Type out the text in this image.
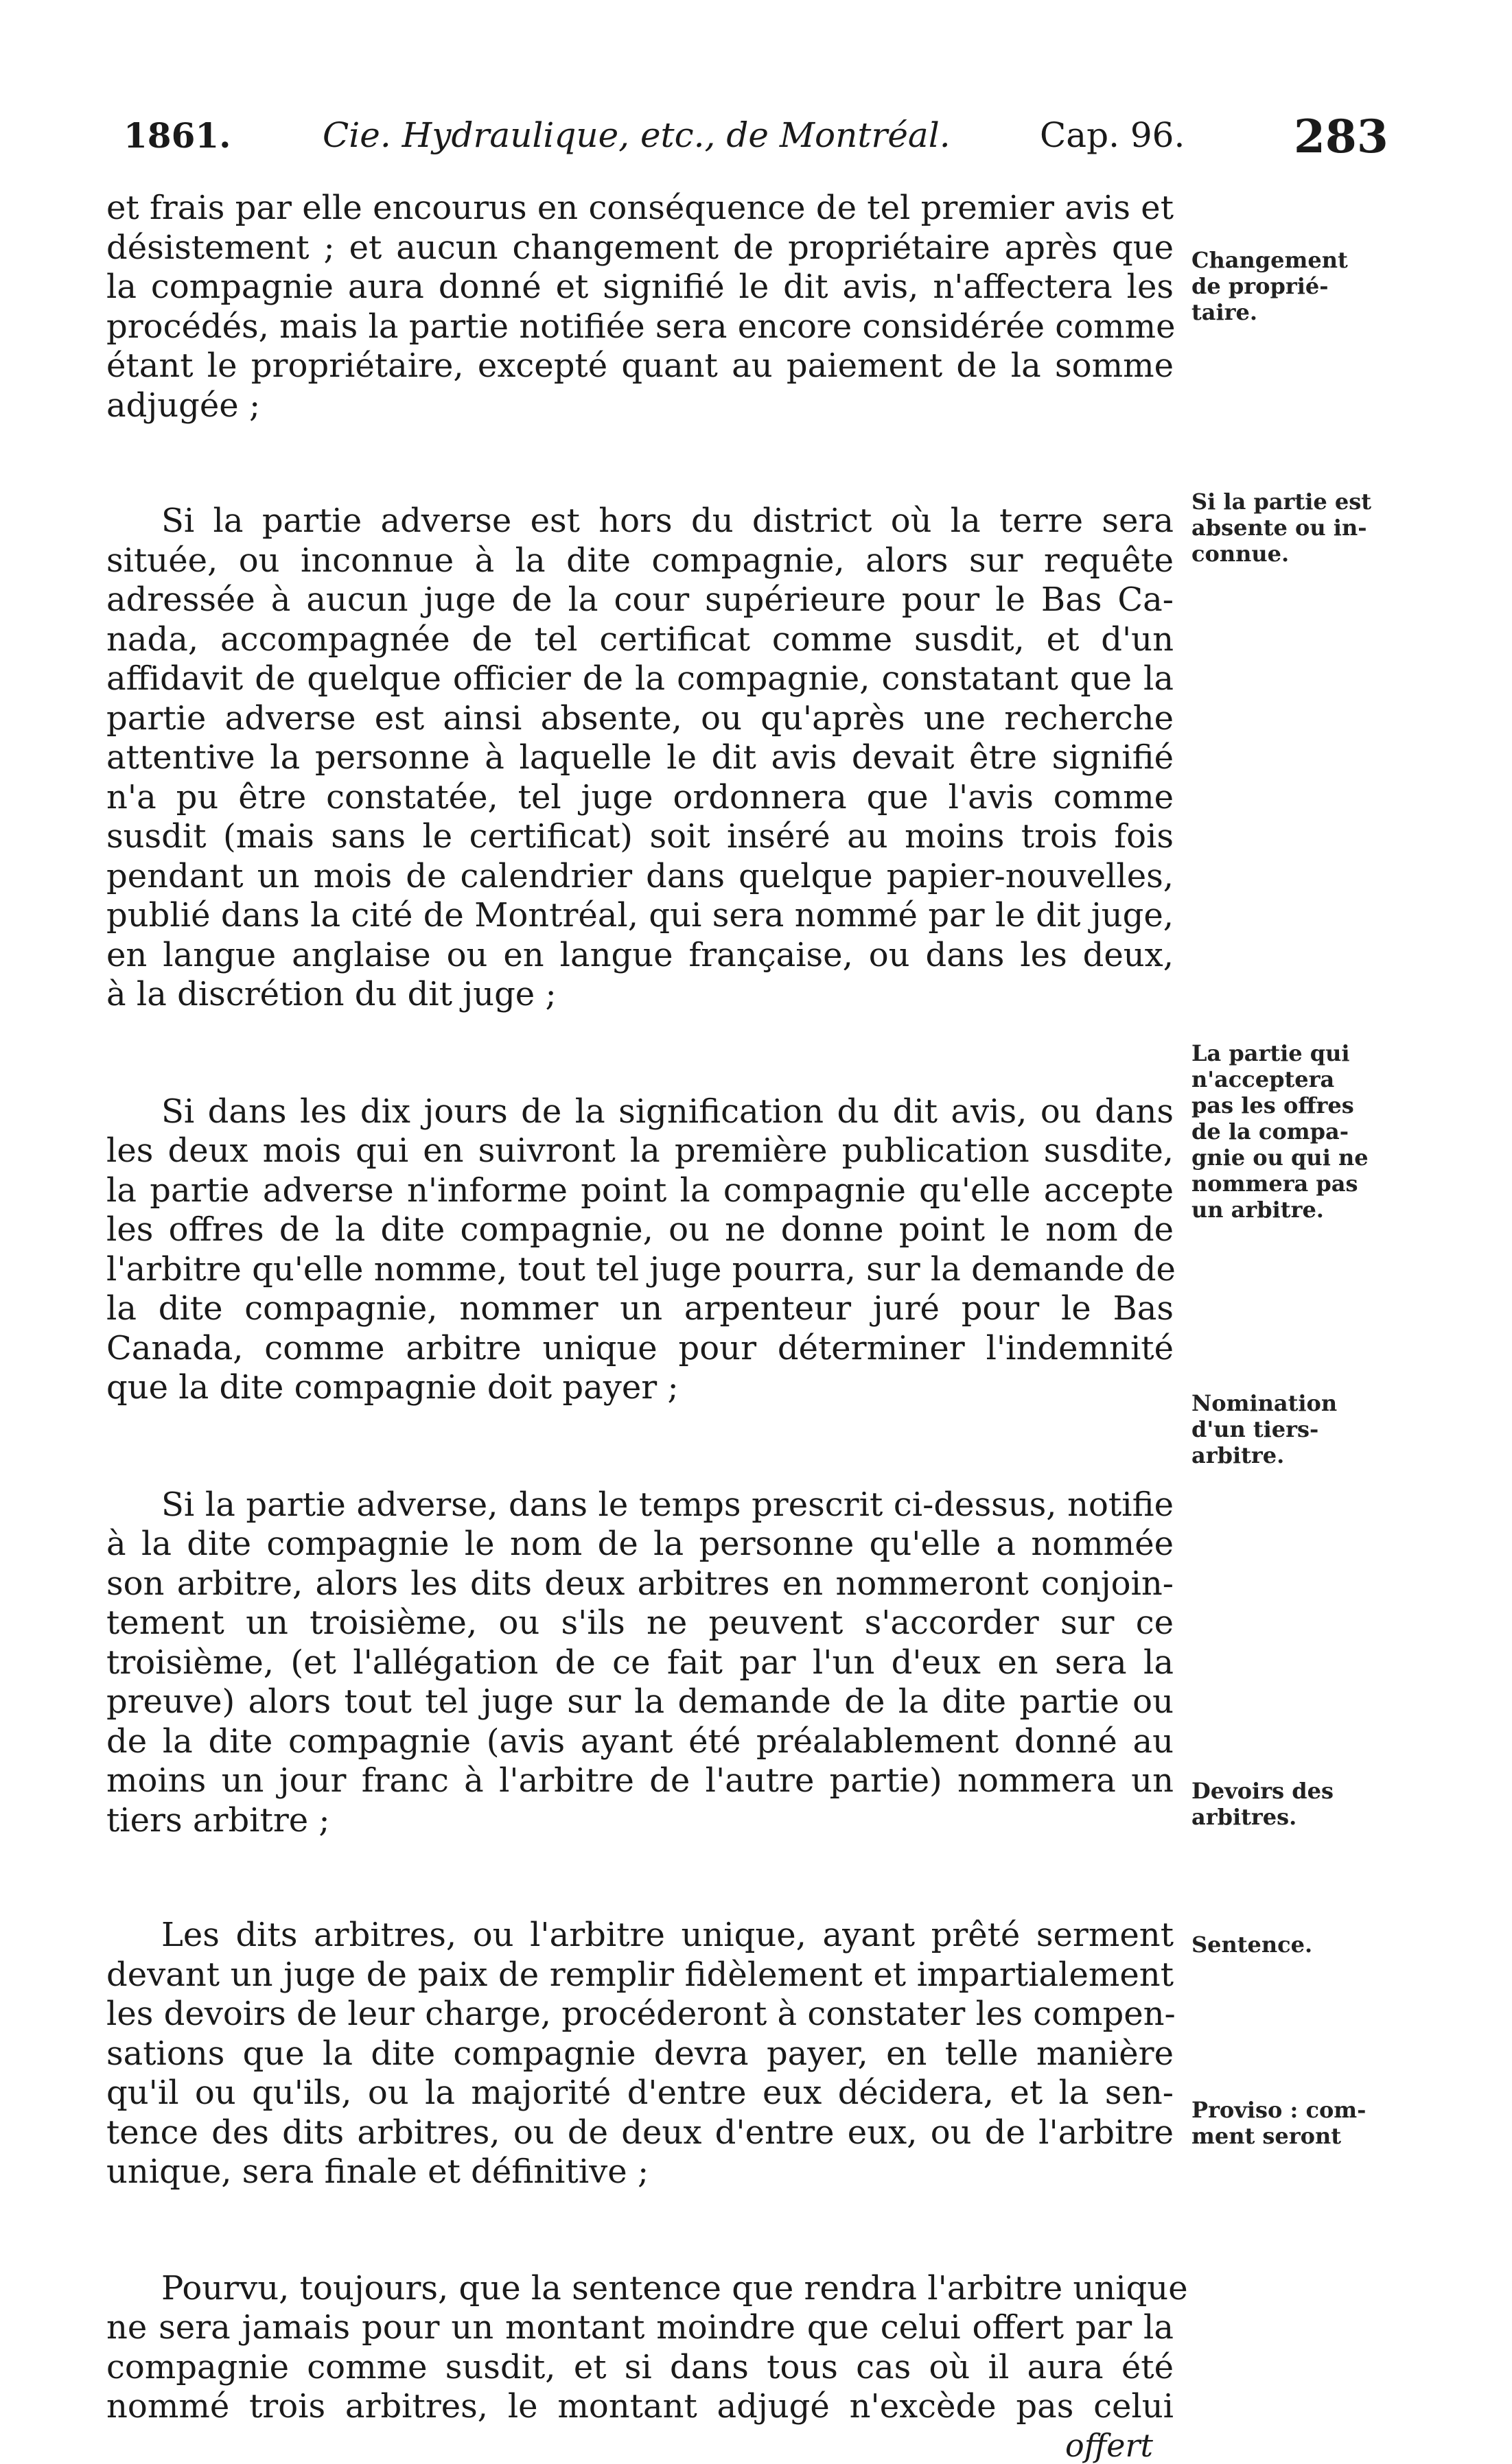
1861.	Cie. Hydraulique, etc., de Montréal.	Cap. 96. 283

et frais par elle encourus en conséquence de tel premier avis et
désistement ; et aucun changement de propriétaire après que
la compagnie aura donné et signifié le dit avis, n'affectera les
procédés, mais la partie notifiée sera encore considérée comme
étant le propriétaire, excepté quant au paiement de la somme
adjugée ;

Si la partie adverse est hors du district où la terre sera
située, ou inconnue à la dite compagnie, alors sur requête
adressée à aucun juge de la cour supérieure pour le Bas Ca-
nada, accompagnée de tel certificat comme susdit, et d'un
affidavit de quelque officier de la compagnie, constatant que la
partie adverse est ainsi absente, ou qu'après une recherche
attentive la personne à laquelle le dit avis devait être signifié
n'a pu être constatée, tel juge ordonnera que l'avis comme
susdit (mais sans le certificat) soit inséré au moins trois fois
pendant un mois de calendrier dans quelque papier-nouvelles,
publié dans la cité de Montréal, qui sera nommé par le dit juge,
en langue anglaise ou en langue française, ou dans les deux,
à la discrétion du dit juge ;

Si dans les dix jours de la signification du dit avis, ou dans
les deux mois qui en suivront la première publication susdite,
la partie adverse n'informe point la compagnie qu'elle accepte
les offres de la dite compagnie, ou ne donne point le nom de
l'arbitre qu'elle nomme, tout tel juge pourra, sur la demande de
la dite compagnie, nommer un arpenteur juré pour le Bas
Canada, comme arbitre unique pour déterminer l'indemnité
que la dite compagnie doit payer ;

Si la partie adverse, dans le temps prescrit ci-dessus, notifie
à la dite compagnie le nom de la personne qu'elle a nommée
son arbitre, alors les dits deux arbitres en nommeront conjoin-
tement un troisième, ou s'ils ne peuvent s'accorder sur ce
troisième, (et l'allégation de ce fait par l'un d'eux en sera la
preuve) alors tout tel juge sur la demande de la dite partie ou
de la dite compagnie (avis ayant été préalablement donné au
moins un jour franc à l'arbitre de l'autre partie) nommera un
tiers arbitre ;

Les dits arbitres, ou l'arbitre unique, ayant prêté serment
devant un juge de paix de remplir fidèlement et impartialement
les devoirs de leur charge, procéderont à constater les compen-
sations que la dite compagnie devra payer, en telle manière
qu'il ou qu'ils, ou la majorité d'entre eux décidera, et la sen-
tence des dits arbitres, ou de deux d'entre eux, ou de l'arbitre
unique, sera finale et définitive ;

Pourvu, toujours, que la sentence que rendra l'arbitre unique
ne sera jamais pour un montant moindre que celui offert par la
compagnie comme susdit, et si dans tous cas où il aura été
nommé trois arbitres, le montant adjugé n'excède pas celui

offert
Changement
de proprié-
taire.
Si la partie est
absente ou in-
connue.
La partie qui
n'acceptera
pas les offres
de la compa-
gnie ou qui ne
nommera pas
un arbitre.
Nomination
d'un tiers-
arbitre.
Devoirs des
arbitres.
Sentence.
Proviso : com-
ment seront
